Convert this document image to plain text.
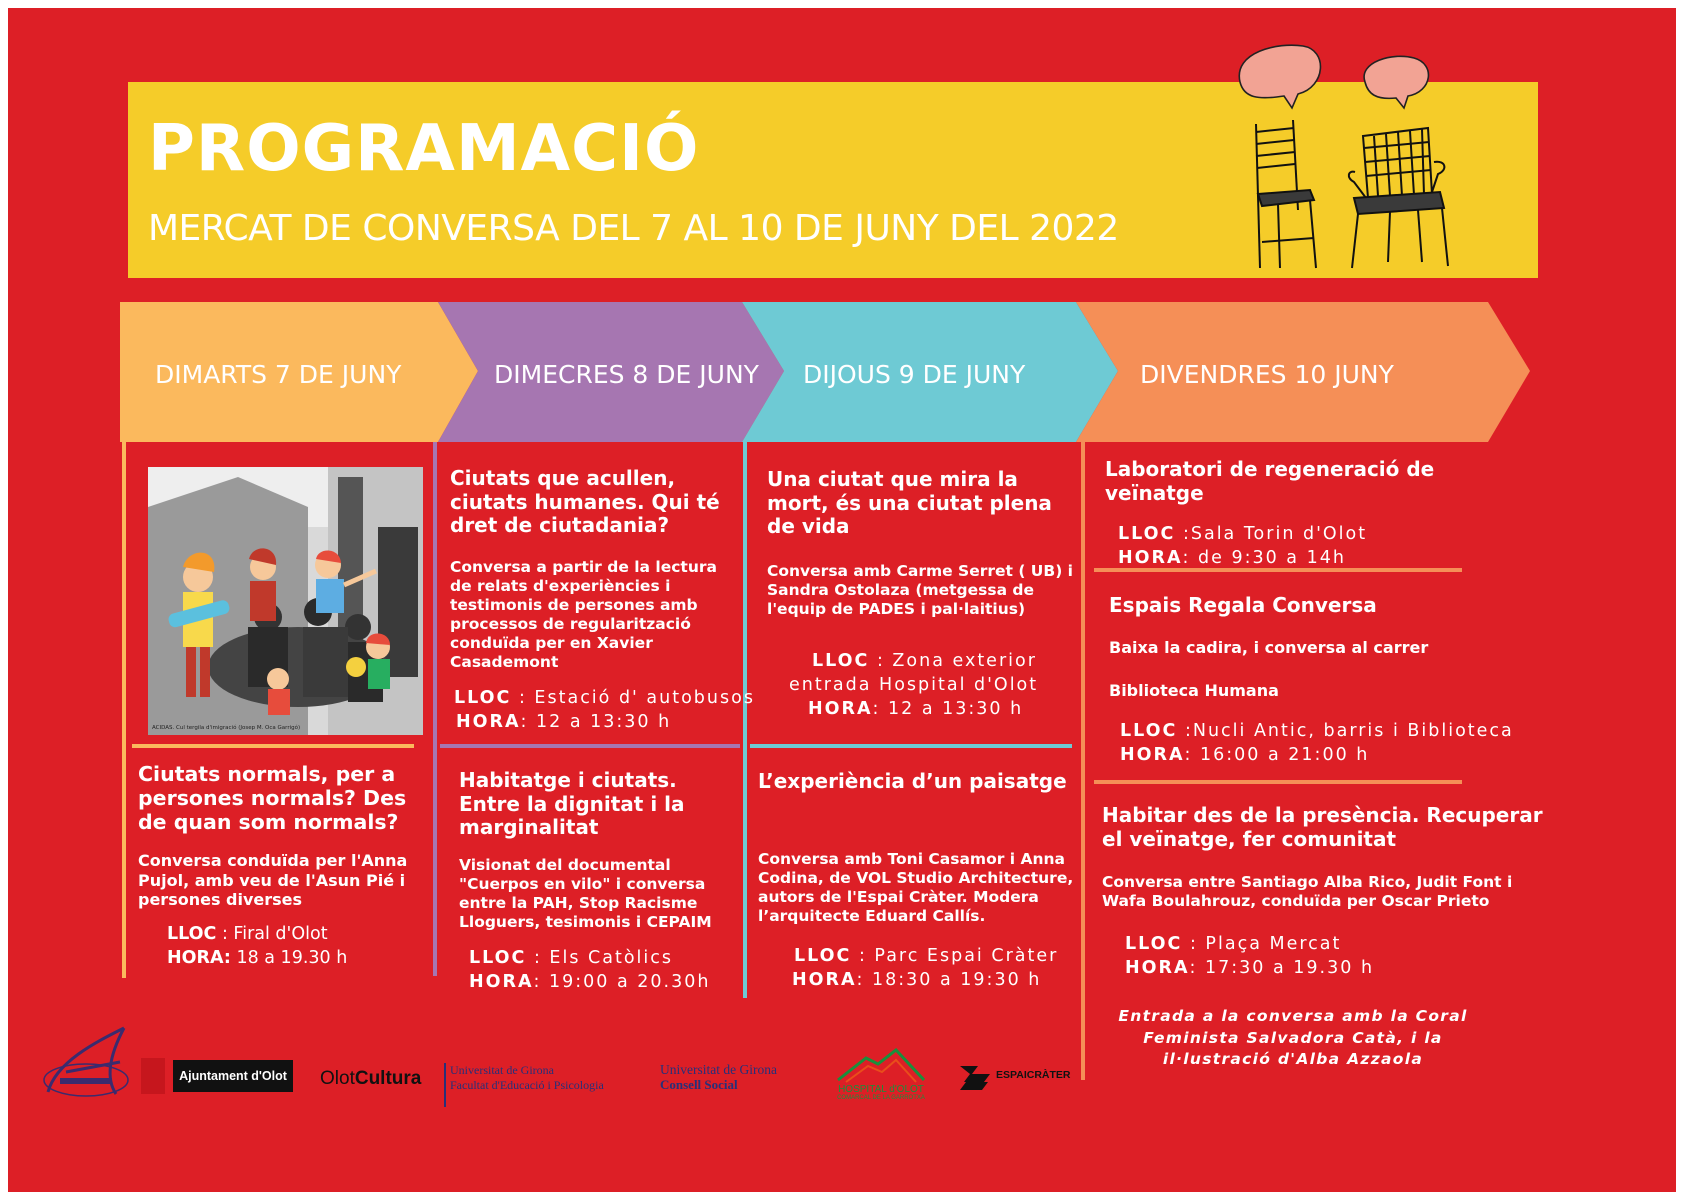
PROGRAMACIÓ
MERCAT DE CONVERSA DEL 7 AL 10 DE JUNY DEL 2022
DIMARTS 7 DE JUNY	DIMECRES 8 DE JUNY DIJOUS 9 DE JUNY	DIVENDRES 10 JUNY
ACIDAS. Cul tergila d'imigració (Josep M. Oca Garrigó)
Ciutats normals, per a persones normals? Des de quan som normals?
Conversa conduïda per l'Anna Pujol, amb veu de l'Asun Pié i persones diverses
LLOC : Firal d'Olot
HORA: 18 a 19.30 h
Ciutats que acullen, ciutats humanes. Qui té dret de ciutadania?
Conversa a partir de la lectura de relats d'experiències i testimonis de persones amb processos de regularització conduïda per en Xavier Casademont
LLOC : Estació d' autobusos
HORA: 12 a 13:30 h
Habitatge i ciutats. Entre la dignitat i la marginalitat
Visionat del documental "Cuerpos en vilo" i conversa entre la PAH, Stop Racisme Lloguers, tesimonis i CEPAIM
LLOC : Els Catòlics
HORA: 19:00 a 20.30h
Una ciutat que mira la mort, és una ciutat plena de vida
Conversa amb Carme Serret ( UB) i Sandra Ostolaza (metgessa de l'equip de PADES i pal·laitius)
LLOC : Zona exterior
entrada Hospital d'Olot
HORA: 12 a 13:30 h
L’experiència d’un paisatge
Conversa amb Toni Casamor i Anna Codina, de VOL Studio Architecture, autors de l'Espai Cràter. Modera l’arquitecte Eduard Callís.
LLOC : Parc Espai Cràter
HORA: 18:30 a 19:30 h
Laboratori de regeneració de veïnatge
LLOC :Sala Torin d'Olot
HORA: de 9:30 a 14h
Espais Regala Conversa
Baixa la cadira, i conversa al carrer
Biblioteca Humana
LLOC :Nucli Antic, barris i Biblioteca
HORA: 16:00 a 21:00 h
Habitar des de la presència. Recuperar el veïnatge, fer comunitat
Conversa entre Santiago Alba Rico, Judit Font i Wafa Boulahrouz, conduïda per Oscar Prieto
LLOC : Plaça Mercat
HORA: 17:30 a 19.30 h
Entrada a la conversa amb la Coral Feminista Salvadora Catà, i la il·lustració d'Alba Azzaola
Ajuntament d'Olot	OlotCultura Universitat de Girona
Facultat d'Educació i Psicologia
Universitat de Girona
Consell Social	HOSPITAL d'OLOT
COMARCAL DE LA GARROTXA
ESPAICRÀTER
